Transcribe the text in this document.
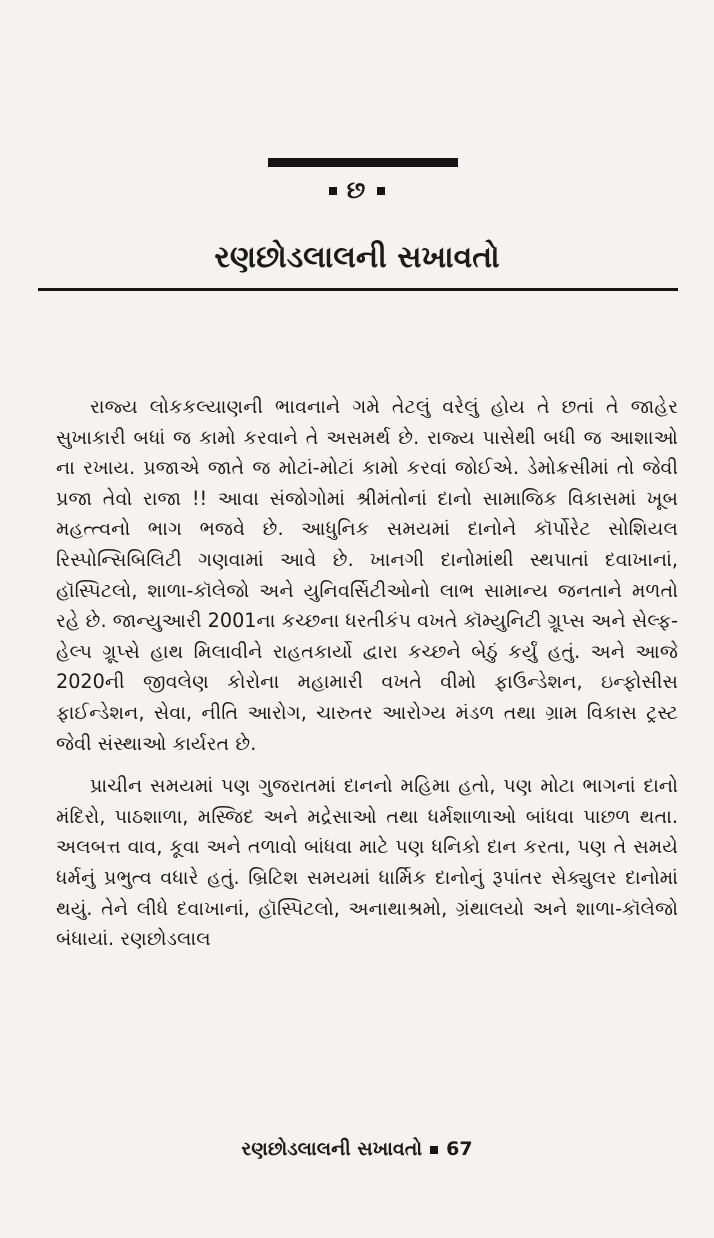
છ
રણછોડલાલની સખાવતો

રાજ્ય લોકકલ્યાણની ભાવનાને ગમે તેટલું વરેલું હોય તે છતાં તે જાહેર સુખાકારી બધાં જ કામો કરવાને તે અસમર્થ છે. રાજ્ય પાસેથી બધી જ આશાઓ ના રખાય. પ્રજાએ જાતે જ મોટાં-મોટાં કામો કરવાં જોઈએ. ડેમોક્રસીમાં તો જેવી પ્રજા તેવો રાજા !! આવા સંજોગોમાં શ્રીમંતોનાં દાનો સામાજિક વિકાસમાં ખૂબ મહત્ત્વનો ભાગ ભજવે છે. આધુનિક સમયમાં દાનોને કૉર્પોરેટ સોશિયલ રિસ્પોન્સિબિલિટી ગણવામાં આવે છે. ખાનગી દાનોમાંથી સ્થપાતાં દવાખાનાં, હૉસ્પિટલો, શાળા-કૉલેજો અને યુનિવર્સિટીઓનો લાભ સામાન્ય જનતાને મળતો રહે છે. જાન્યુઆરી 2001ના કચ્છના ધરતીકંપ વખતે કૉમ્યુનિટી ગ્રૂપ્સ અને સેલ્ફ-હેલ્પ ગ્રૂપ્સે હાથ મિલાવીને રાહતકાર્યો દ્વારા કચ્છને બેઠું કર્યું હતું. અને આજે 2020ની જીવલેણ કોરોના મહામારી વખતે વીમો ફાઉન્ડેશન, ઇન્ફોસીસ ફાઈન્ડેશન, સેવા, નીતિ આરોગ, ચારુતર આરોગ્ય મંડળ તથા ગ્રામ વિકાસ ટ્રસ્ટ જેવી સંસ્થાઓ કાર્યરત છે.

પ્રાચીન સમયમાં પણ ગુજરાતમાં દાનનો મહિમા હતો, પણ મોટા ભાગનાં દાનો મંદિરો, પાઠશાળા, મસ્જિદ અને મદ્રેસાઓ તથા ધર્મશાળાઓ બાંધવા પાછળ થતા. અલબત્ત વાવ, કૂવા અને તળાવો બાંધવા માટે પણ ધનિકો દાન કરતા, પણ તે સમયે ધર્મનું પ્રભુત્વ વધારે હતું. બ્રિટિશ સમયમાં ધાર્મિક દાનોનું રૂપાંતર સેક્યુલર દાનોમાં થયું. તેને લીધે દવાખાનાં, હૉસ્પિટલો, અનાથાશ્રમો, ગ્રંથાલયો અને શાળા-કૉલેજો બંધાયાં. રણછોડલાલ

રણછોડલાલની સખાવતો 67
